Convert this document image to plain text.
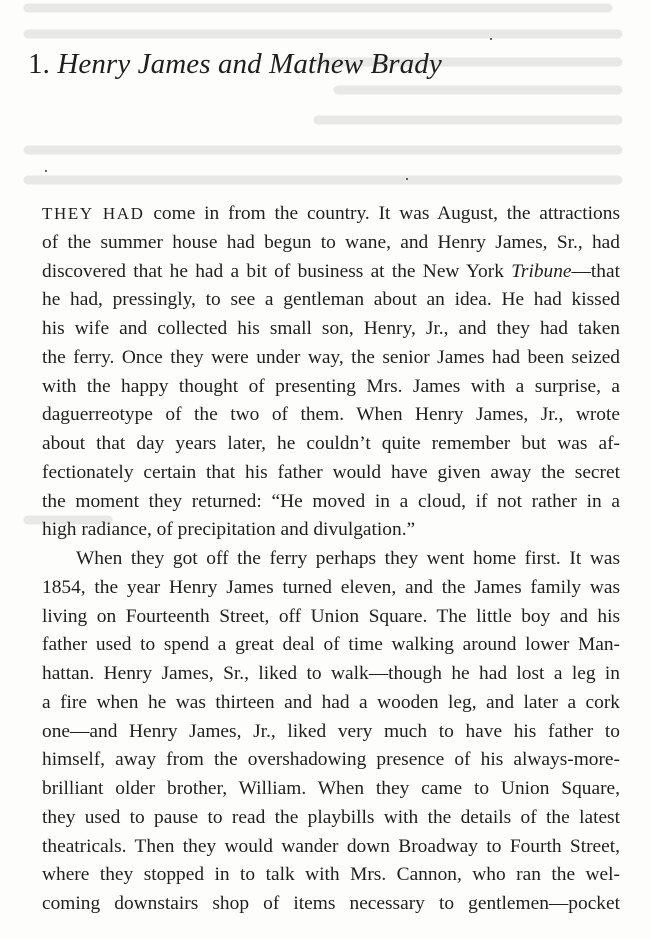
1. Henry James and Mathew Brady
THEY HAD come in from the country. It was August, the attractions
of the summer house had begun to wane, and Henry James, Sr., had
discovered that he had a bit of business at the New York Tribune—that
he had, pressingly, to see a gentleman about an idea. He had kissed
his wife and collected his small son, Henry, Jr., and they had taken
the ferry. Once they were under way, the senior James had been seized
with the happy thought of presenting Mrs. James with a surprise, a
daguerreotype of the two of them. When Henry James, Jr., wrote
about that day years later, he couldn’t quite remember but was af-
fectionately certain that his father would have given away the secret
the moment they returned: “He moved in a cloud, if not rather in a
high radiance, of precipitation and divulgation.”
When they got off the ferry perhaps they went home first. It was
1854, the year Henry James turned eleven, and the James family was
living on Fourteenth Street, off Union Square. The little boy and his
father used to spend a great deal of time walking around lower Man-
hattan. Henry James, Sr., liked to walk—though he had lost a leg in
a fire when he was thirteen and had a wooden leg, and later a cork
one—and Henry James, Jr., liked very much to have his father to
himself, away from the overshadowing presence of his always-more-
brilliant older brother, William. When they came to Union Square,
they used to pause to read the playbills with the details of the latest
theatricals. Then they would wander down Broadway to Fourth Street,
where they stopped in to talk with Mrs. Cannon, who ran the wel-
coming downstairs shop of items necessary to gentlemen—pocket
